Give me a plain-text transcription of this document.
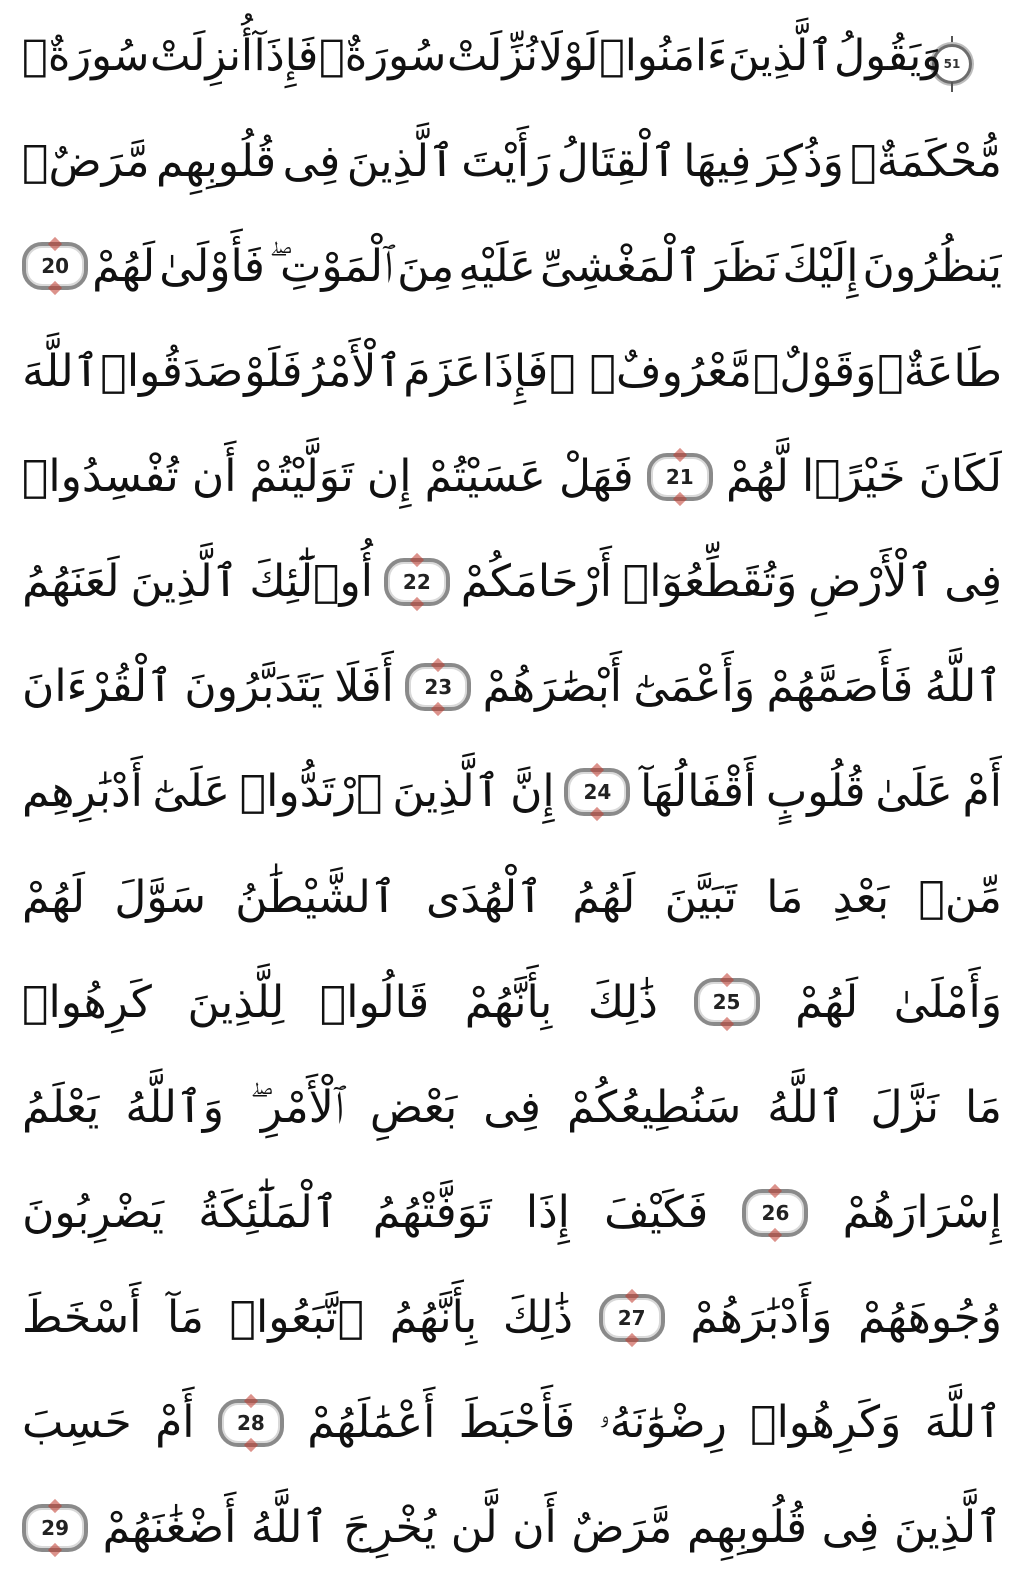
51
وَيَقُولُ
ٱلَّذِينَ
ءَامَنُوا۟
لَوْلَا
نُزِّلَتْ
سُورَةٌۭ
فَإِذَآ
أُنزِلَتْ
سُورَةٌۭ
مُّحْكَمَةٌۭ
وَذُكِرَ
فِيهَا
ٱلْقِتَالُ
رَأَيْتَ
ٱلَّذِينَ
فِى
قُلُوبِهِم
مَّرَضٌۭ
يَنظُرُونَ
إِلَيْكَ
نَظَرَ
ٱلْمَغْشِىِّ
عَلَيْهِ
مِنَ
ٱلْمَوْتِ ۖ
فَأَوْلَىٰ
لَهُمْ
20
طَاعَةٌۭ
وَقَوْلٌۭ
مَّعْرُوفٌۭ ۚ
فَإِذَا
عَزَمَ
ٱلْأَمْرُ
فَلَوْ
صَدَقُوا۟
ٱللَّهَ
لَكَانَ
خَيْرًۭا
لَّهُمْ
21
فَهَلْ
عَسَيْتُمْ
إِن
تَوَلَّيْتُمْ
أَن
تُفْسِدُوا۟
فِى
ٱلْأَرْضِ
وَتُقَطِّعُوٓا۟
أَرْحَامَكُمْ
22
أُو۟لَٰٓئِكَ
ٱلَّذِينَ
لَعَنَهُمُ
ٱللَّهُ
فَأَصَمَّهُمْ
وَأَعْمَىٰٓ
أَبْصَٰرَهُمْ
23
أَفَلَا
يَتَدَبَّرُونَ
ٱلْقُرْءَانَ
أَمْ
عَلَىٰ
قُلُوبٍ
أَقْفَالُهَآ
24
إِنَّ
ٱلَّذِينَ
ٱرْتَدُّوا۟
عَلَىٰٓ
أَدْبَٰرِهِم
مِّنۢ
بَعْدِ
مَا
تَبَيَّنَ
لَهُمُ
ٱلْهُدَى
ٱلشَّيْطَٰنُ
سَوَّلَ
لَهُمْ
وَأَمْلَىٰ
لَهُمْ
25
ذَٰلِكَ
بِأَنَّهُمْ
قَالُوا۟
لِلَّذِينَ
كَرِهُوا۟
مَا
نَزَّلَ
ٱللَّهُ
سَنُطِيعُكُمْ
فِى
بَعْضِ
ٱلْأَمْرِ ۖ
وَٱللَّهُ
يَعْلَمُ
إِسْرَارَهُمْ
26
فَكَيْفَ
إِذَا
تَوَفَّتْهُمُ
ٱلْمَلَٰٓئِكَةُ
يَضْرِبُونَ
وُجُوهَهُمْ
وَأَدْبَٰرَهُمْ
27
ذَٰلِكَ
بِأَنَّهُمُ
ٱتَّبَعُوا۟
مَآ
أَسْخَطَ
ٱللَّهَ
وَكَرِهُوا۟
رِضْوَٰنَهُۥ
فَأَحْبَطَ
أَعْمَٰلَهُمْ
28
أَمْ
حَسِبَ
ٱلَّذِينَ
فِى
قُلُوبِهِم
مَّرَضٌ
أَن
لَّن
يُخْرِجَ
ٱللَّهُ
أَضْغَٰنَهُمْ
29
